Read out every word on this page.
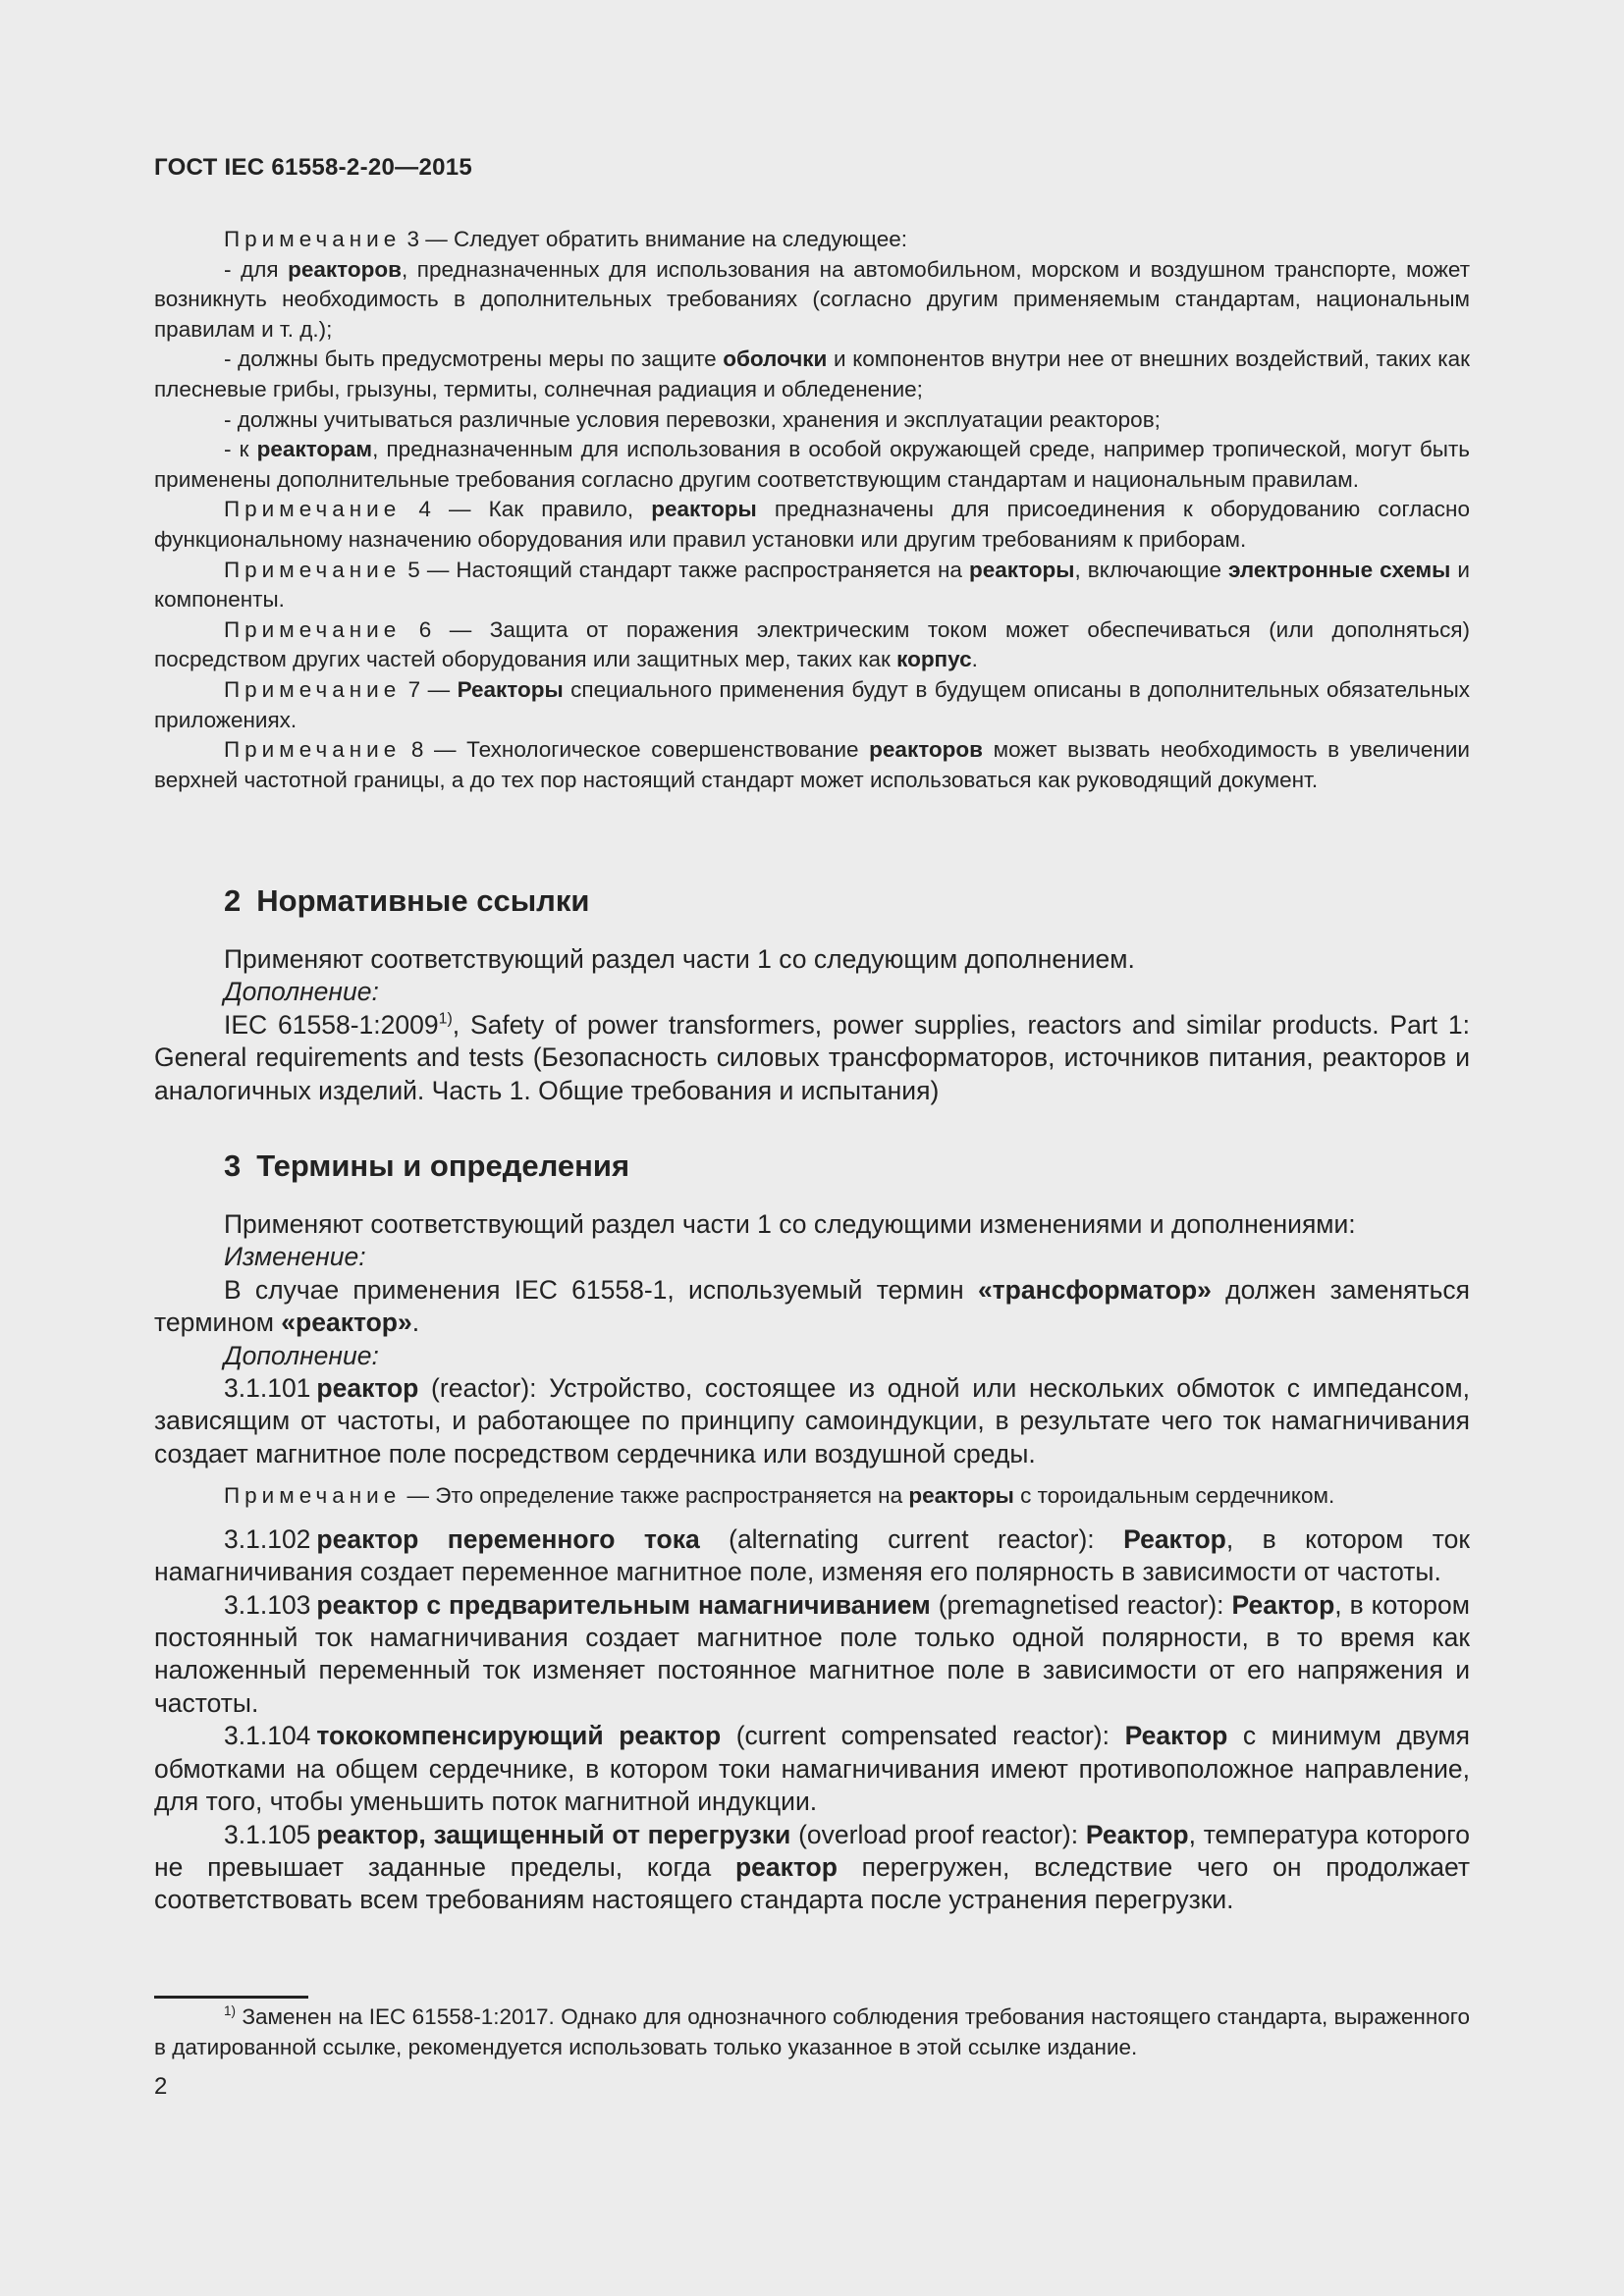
ГОСТ IEC 61558-2-20—2015

Примечание 3 — Следует обратить внимание на следующее:

- для реакторов, предназначенных для использования на автомобильном, морском и воздушном транспорте, может возникнуть необходимость в дополнительных требованиях (согласно другим применяемым стандартам, национальным правилам и т. д.);

- должны быть предусмотрены меры по защите оболочки и компонентов внутри нее от внешних воздействий, таких как плесневые грибы, грызуны, термиты, солнечная радиация и обледенение;

- должны учитываться различные условия перевозки, хранения и эксплуатации реакторов;

- к реакторам, предназначенным для использования в особой окружающей среде, например тропической, могут быть применены дополнительные требования согласно другим соответствующим стандартам и национальным правилам.

Примечание 4 — Как правило, реакторы предназначены для присоединения к оборудованию согласно функциональному назначению оборудования или правил установки или другим требованиям к приборам.

Примечание 5 — Настоящий стандарт также распространяется на реакторы, включающие электронные схемы и компоненты.

Примечание 6 — Защита от поражения электрическим током может обеспечиваться (или дополняться) посредством других частей оборудования или защитных мер, таких как корпус.

Примечание 7 — Реакторы специального применения будут в будущем описаны в дополнительных обязательных приложениях.

Примечание 8 — Технологическое совершенствование реакторов может вызвать необходимость в увеличении верхней частотной границы, а до тех пор настоящий стандарт может использоваться как руководящий документ.

2 Нормативные ссылки

Применяют соответствующий раздел части 1 со следующим дополнением.

Дополнение:

IEC 61558-1:2009$^{1)}$, Safety of power transformers, power supplies, reactors and similar products. Part 1: General requirements and tests (Безопасность силовых трансформаторов, источников питания, реакторов и аналогичных изделий. Часть 1. Общие требования и испытания)

3 Термины и определения

Применяют соответствующий раздел части 1 со следующими изменениями и дополнениями:

Изменение:

В случае применения IEC 61558-1, используемый термин «трансформатор» должен заменяться термином «реактор».

Дополнение:

3.1.101 реактор (reactor): Устройство, состоящее из одной или нескольких обмоток с импедансом, зависящим от частоты, и работающее по принципу самоиндукции, в результате чего ток намагничивания создает магнитное поле посредством сердечника или воздушной среды.

Примечание — Это определение также распространяется на реакторы с тороидальным сердечником.

3.1.102 реактор переменного тока (alternating current reactor): Реактор, в котором ток намагничивания создает переменное магнитное поле, изменяя его полярность в зависимости от частоты.

3.1.103 реактор с предварительным намагничиванием (premagnetised reactor): Реактор, в котором постоянный ток намагничивания создает магнитное поле только одной полярности, в то время как наложенный переменный ток изменяет постоянное магнитное поле в зависимости от его напряжения и частоты.

3.1.104 тококомпенсирующий реактор (current compensated reactor): Реактор с минимум двумя обмотками на общем сердечнике, в котором токи намагничивания имеют противоположное направление, для того, чтобы уменьшить поток магнитной индукции.

3.1.105 реактор, защищенный от перегрузки (overload proof reactor): Реактор, температура которого не превышает заданные пределы, когда реактор перегружен, вследствие чего он продолжает соответствовать всем требованиям настоящего стандарта после устранения перегрузки.

$^{1)}$ Заменен на IEC 61558-1:2017. Однако для однозначного соблюдения требования настоящего стандарта, выраженного в датированной ссылке, рекомендуется использовать только указанное в этой ссылке издание.

2
